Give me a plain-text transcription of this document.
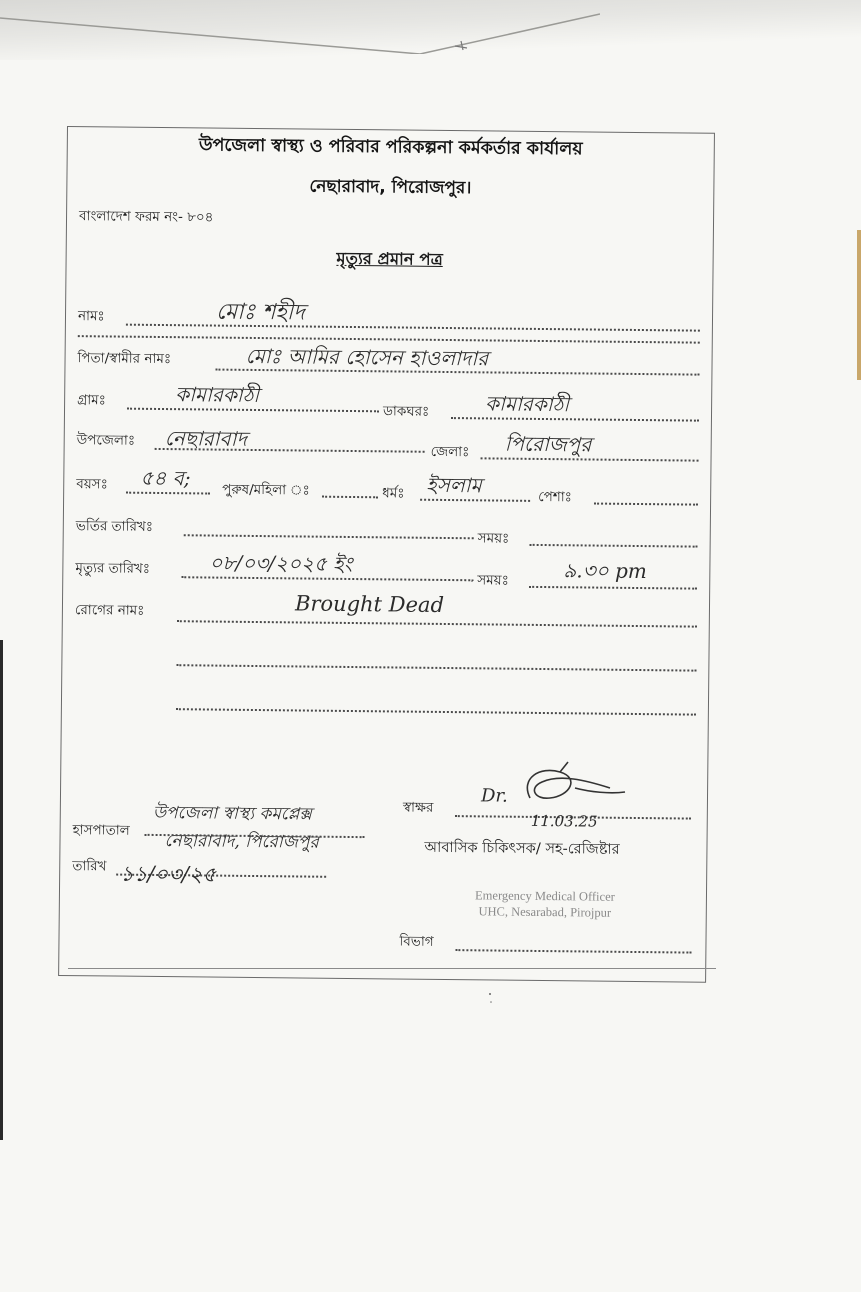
উপজেলা স্বাস্থ্য ও পরিবার পরিকল্পনা কর্মকর্তার কার্যালয়
নেছারাবাদ, পিরোজপুর।
বাংলাদেশ ফরম নং- ৮০৪
মৃত্যুর প্রমান পত্র
নামঃ	মোঃ শহীদ
পিতা/স্বামীর নামঃ	মোঃ আমির হোসেন হাওলাদার
গ্রামঃ	কামারকাঠী
ডাকঘরঃ	কামারকাঠী
উপজেলাঃ নেছারাবাদ
জেলাঃ পিরোজপুর
বয়সঃ ৫৪ ব; পুরুষ/মহিলা ঃ	ধর্মঃ ইসলাম	পেশাঃ
ভর্তির তারিখঃ
সময়ঃ
মৃত্যুর তারিখঃ	০৮/০৩/২০২৫ ইং
সময়ঃ	৯.৩০ pm
রোগের নামঃ	Brought Dead
হাসপাতাল
উপজেলা স্বাস্থ্য কমপ্লেক্স
নেছারাবাদ, পিরোজপুর
তারিখ ১১/০৩/২৫
স্বাক্ষর
Dr.
11.03.25
আবাসিক চিকিৎসক/ সহ-রেজিষ্টার
Emergency Medical Officer
UHC, Nesarabad, Pirojpur
বিভাগ
